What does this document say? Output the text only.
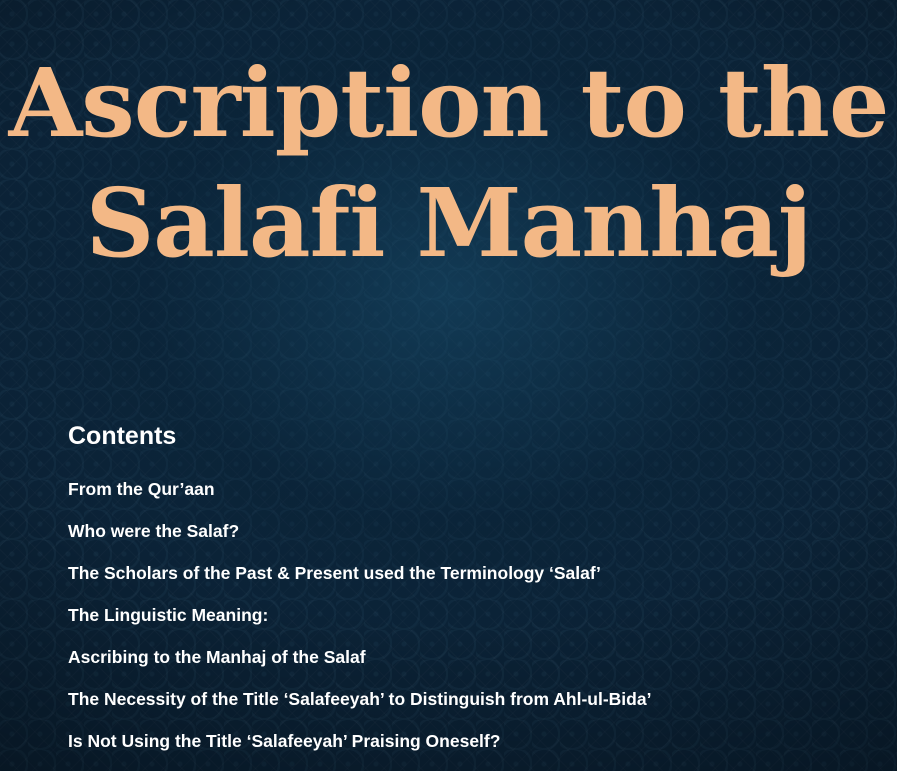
Ascription to the
Salafi Manhaj
Contents
From the Qur’aan
Who were the Salaf?
The Scholars of the Past & Present used the Terminology ‘Salaf’
The Linguistic Meaning:
Ascribing to the Manhaj of the Salaf
The Necessity of the Title ‘Salafeeyah’ to Distinguish from Ahl-ul-Bida’
Is Not Using the Title ‘Salafeeyah’ Praising Oneself?
